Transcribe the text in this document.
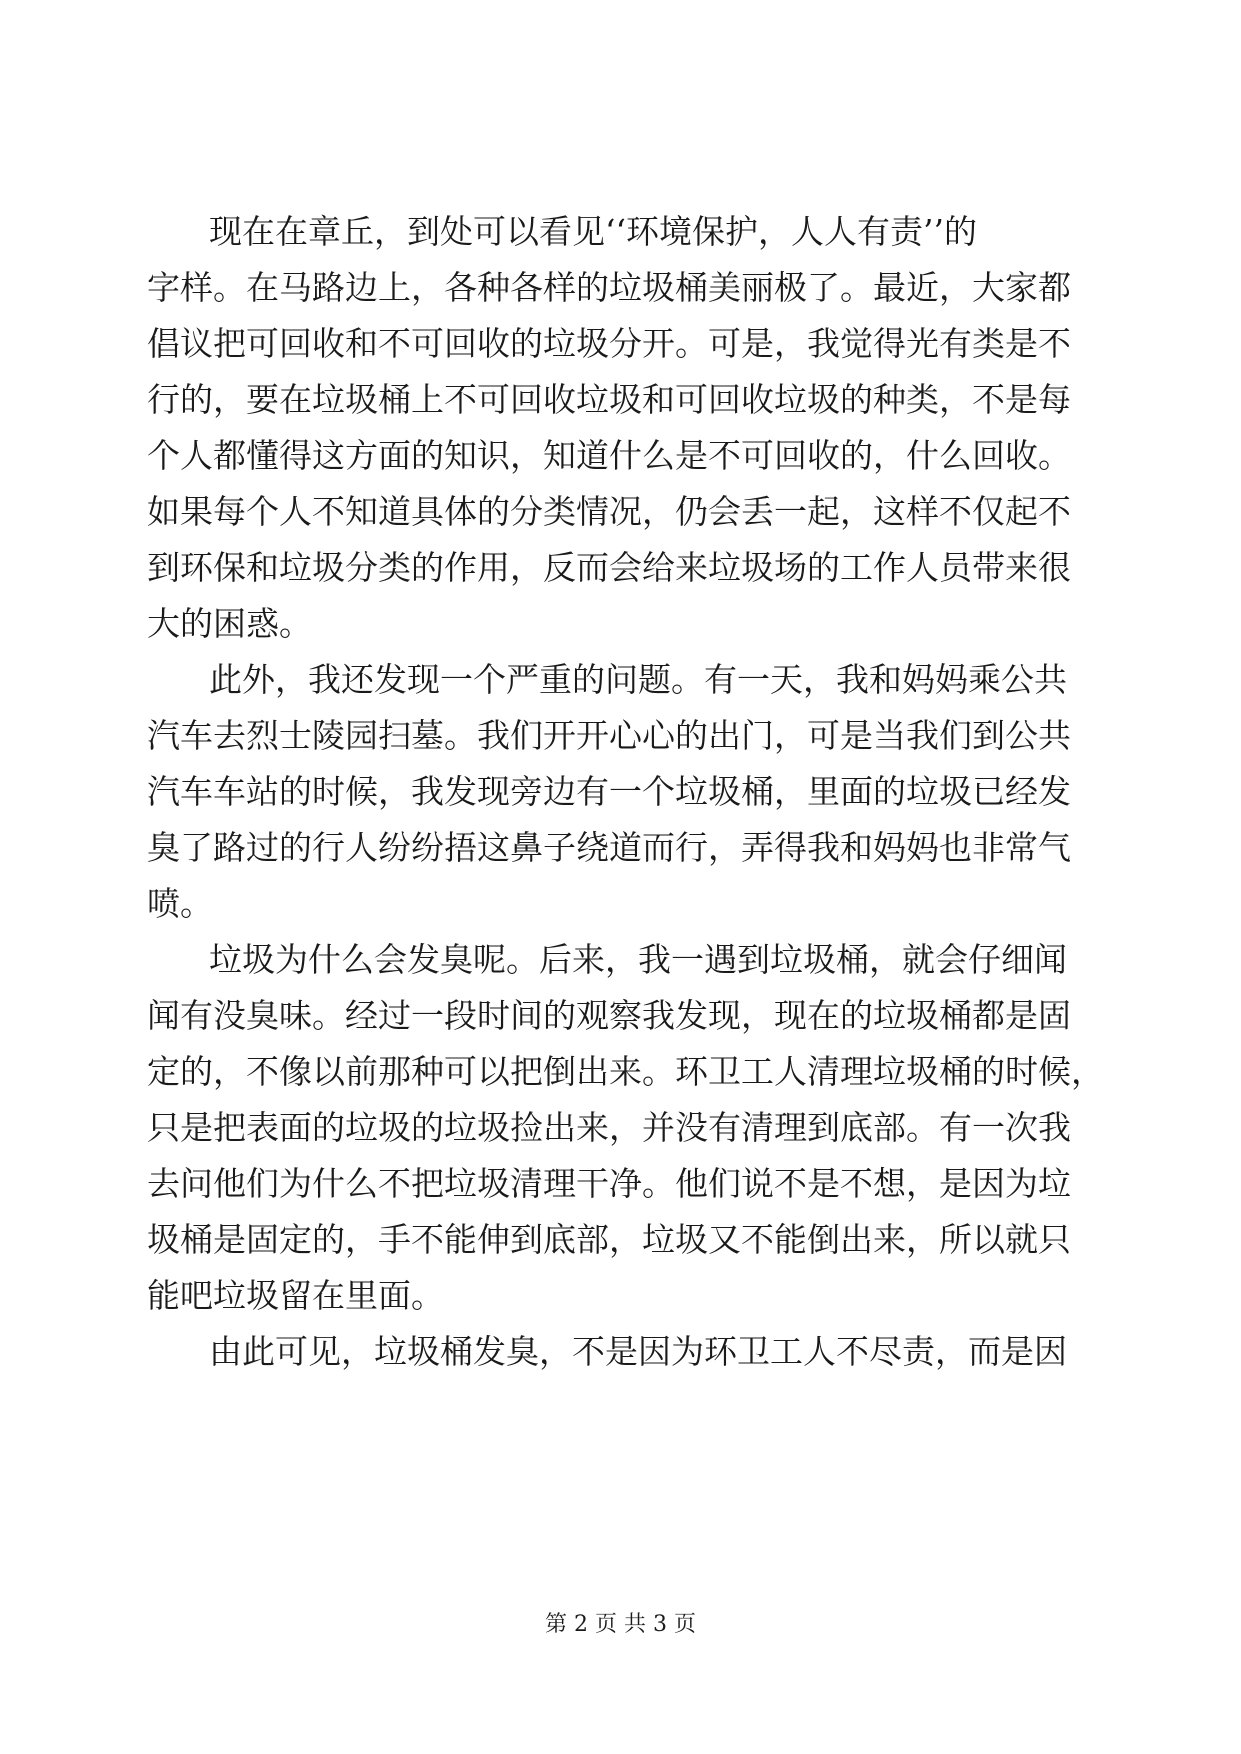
现在在章丘，到处可以看见‘‘环境保护，人人有责’’的
字样。在马路边上，各种各样的垃圾桶美丽极了。最近，大家都
倡议把可回收和不可回收的垃圾分开。可是，我觉得光有类是不
行的，要在垃圾桶上不可回收垃圾和可回收垃圾的种类，不是每
个人都懂得这方面的知识，知道什么是不可回收的，什么回收。
如果每个人不知道具体的分类情况，仍会丢一起，这样不仅起不
到环保和垃圾分类的作用，反而会给来垃圾场的工作人员带来很
大的困惑。
此外，我还发现一个严重的问题。有一天，我和妈妈乘公共
汽车去烈士陵园扫墓。我们开开心心的出门，可是当我们到公共
汽车车站的时候，我发现旁边有一个垃圾桶，里面的垃圾已经发
臭了路过的行人纷纷捂这鼻子绕道而行，弄得我和妈妈也非常气
喷。
垃圾为什么会发臭呢。后来，我一遇到垃圾桶，就会仔细闻
闻有没臭味。经过一段时间的观察我发现，现在的垃圾桶都是固
定的，不像以前那种可以把倒出来。环卫工人清理垃圾桶的时候，
只是把表面的垃圾的垃圾捡出来，并没有清理到底部。有一次我
去问他们为什么不把垃圾清理干净。他们说不是不想，是因为垃
圾桶是固定的，手不能伸到底部，垃圾又不能倒出来，所以就只
能吧垃圾留在里面。
由此可见，垃圾桶发臭，不是因为环卫工人不尽责，而是因
第 2 页 共 3 页
